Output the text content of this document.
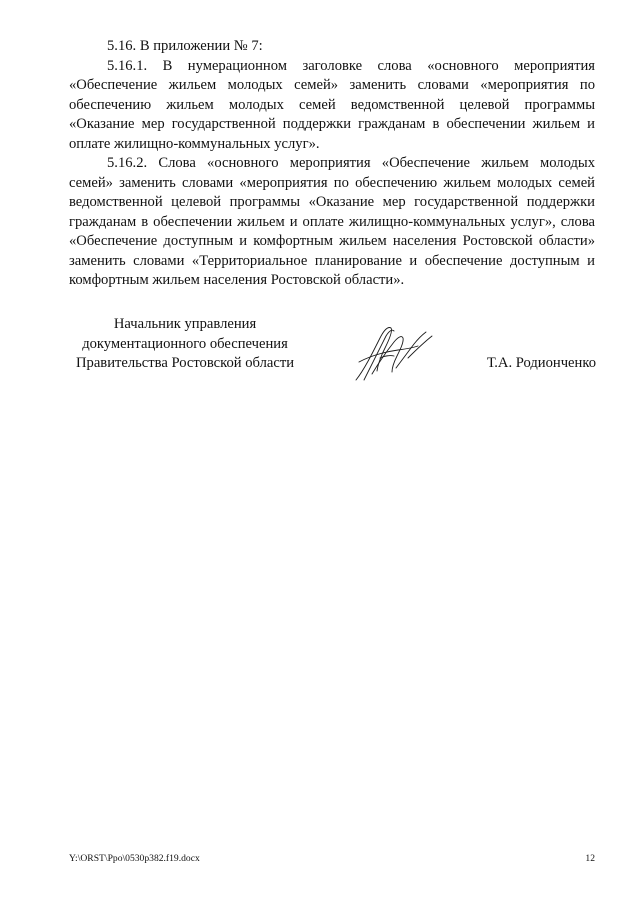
5.16. В приложении № 7:

5.16.1. В нумерационном заголовке слова «основного мероприятия «Обеспечение жильем молодых семей» заменить словами «мероприятия по обеспечению жильем молодых семей ведомственной целевой программы «Оказание мер государственной поддержки гражданам в обеспечении жильем и оплате жилищно-коммунальных услуг».

5.16.2. Слова «основного мероприятия «Обеспечение жильем молодых семей» заменить словами «мероприятия по обеспечению жильем молодых семей ведомственной целевой программы «Оказание мер государственной поддержки гражданам в обеспечении жильем и оплате жилищно-коммунальных услуг», слова «Обеспечение доступным и комфортным жильем населения Ростовской области» заменить словами «Территориальное планирование и обеспечение доступным и комфортным жильем населения Ростовской области».

Начальник управления
документационного обеспечения
Правительства Ростовской области	Т.А. Родионченко
Y:\ORST\Ppo\0530p382.f19.docx	12
